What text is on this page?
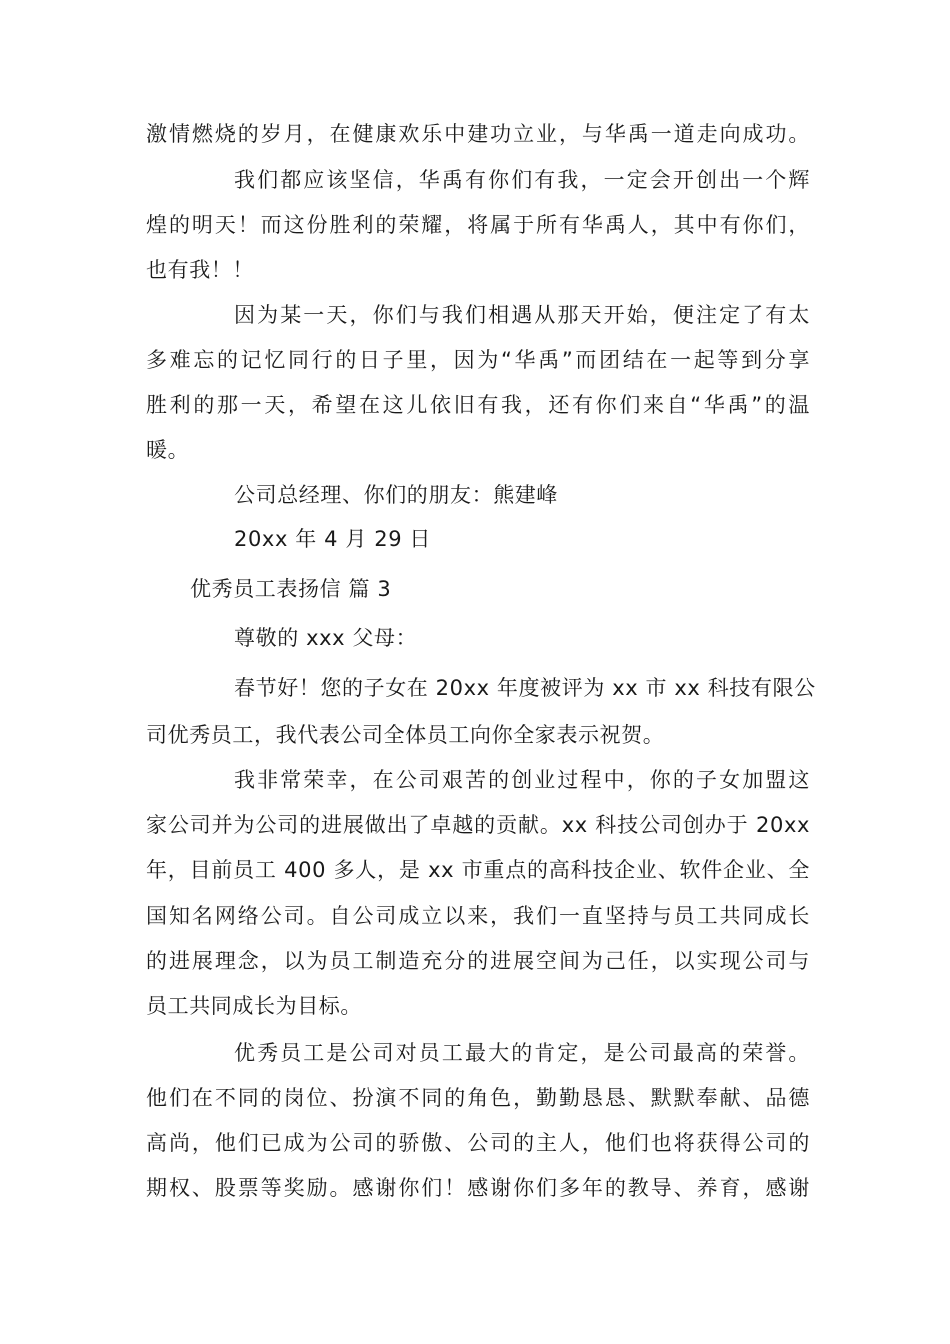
激情燃烧的岁月，在健康欢乐中建功立业，与华禹一道走向成功。
我们都应该坚信，华禹有你们有我，一定会开创出一个辉
煌的明天！而这份胜利的荣耀，将属于所有华禹人，其中有你们，
也有我！！
因为某一天，你们与我们相遇从那天开始，便注定了有太
多难忘的记忆同行的日子里，因为“华禹”而团结在一起等到分享
胜利的那一天，希望在这儿依旧有我，还有你们来自“华禹”的温
暖。
公司总经理、你们的朋友：熊建峰
20xx 年 4 月 29 日
优秀员工表扬信 篇 3
尊敬的 xxx 父母：
春节好！您的子女在 20xx 年度被评为 xx 市 xx 科技有限公
司优秀员工，我代表公司全体员工向你全家表示祝贺。
我非常荣幸，在公司艰苦的创业过程中，你的子女加盟这
家公司并为公司的进展做出了卓越的贡献。xx 科技公司创办于 20xx
年，目前员工 400 多人，是 xx 市重点的高科技企业、软件企业、全
国知名网络公司。自公司成立以来，我们一直坚持与员工共同成长
的进展理念，以为员工制造充分的进展空间为己任，以实现公司与
员工共同成长为目标。
优秀员工是公司对员工最大的肯定，是公司最高的荣誉。
他们在不同的岗位、扮演不同的角色，勤勤恳恳、默默奉献、品德
高尚，他们已成为公司的骄傲、公司的主人，他们也将获得公司的
期权、股票等奖励。感谢你们！感谢你们多年的教导、养育，感谢
